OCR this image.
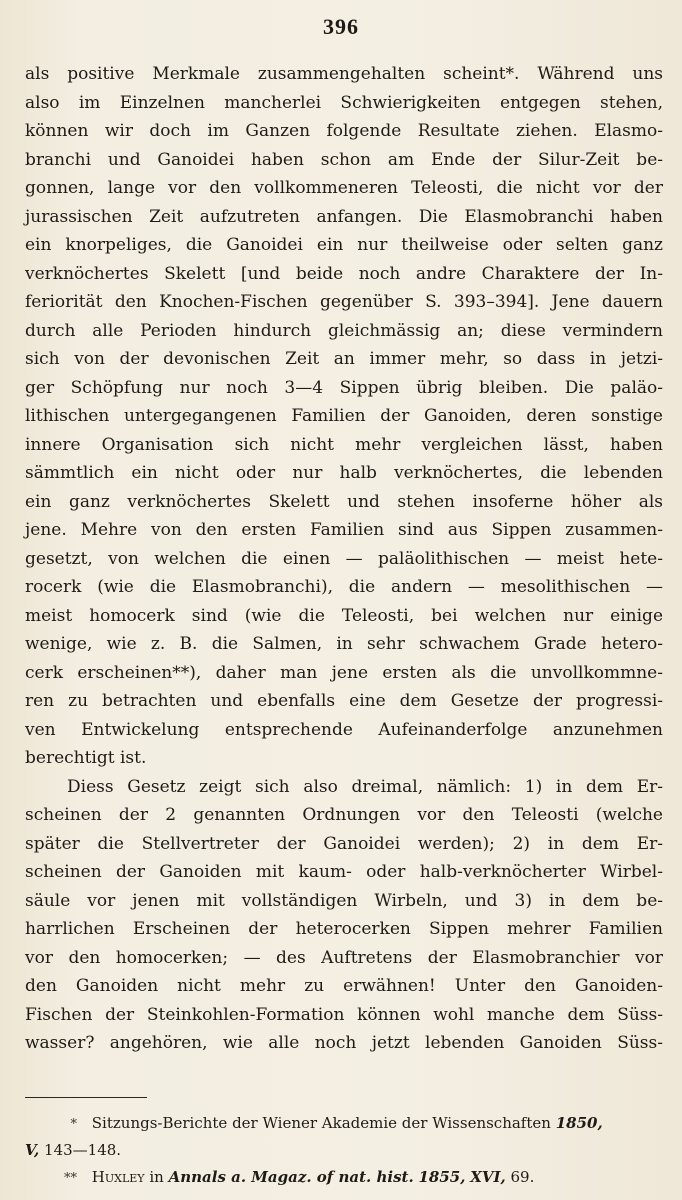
396
als positive Merkmale zusammengehalten scheint*. Während uns
also im Einzelnen mancherlei Schwierigkeiten entgegen stehen,
können wir doch im Ganzen folgende Resultate ziehen. Elasmo-
branchi und Ganoidei haben schon am Ende der Silur-Zeit be-
gonnen, lange vor den vollkommeneren Teleosti, die nicht vor der
jurassischen Zeit aufzutreten anfangen. Die Elasmobranchi haben
ein knorpeliges, die Ganoidei ein nur theilweise oder selten ganz
verknöchertes Skelett [und beide noch andre Charaktere der In-
feriorität den Knochen-Fischen gegenüber S. 393–394]. Jene dauern
durch alle Perioden hindurch gleichmässig an; diese vermindern
sich von der devonischen Zeit an immer mehr, so dass in jetzi-
ger Schöpfung nur noch 3—4 Sippen übrig bleiben. Die paläo-
lithischen untergegangenen Familien der Ganoiden, deren sonstige
innere Organisation sich nicht mehr vergleichen lässt, haben
sämmtlich ein nicht oder nur halb verknöchertes, die lebenden
ein ganz verknöchertes Skelett und stehen insoferne höher als
jene. Mehre von den ersten Familien sind aus Sippen zusammen-
gesetzt, von welchen die einen — paläolithischen — meist hete-
rocerk (wie die Elasmobranchi), die andern — mesolithischen —
meist homocerk sind (wie die Teleosti, bei welchen nur einige
wenige, wie z. B. die Salmen, in sehr schwachem Grade hetero-
cerk erscheinen**), daher man jene ersten als die unvollkommne-
ren zu betrachten und ebenfalls eine dem Gesetze der progressi-
ven Entwickelung entsprechende Aufeinanderfolge anzunehmen
berechtigt ist.
Diess Gesetz zeigt sich also dreimal, nämlich: 1) in dem Er-
scheinen der 2 genannten Ordnungen vor den Teleosti (welche
später die Stellvertreter der Ganoidei werden); 2) in dem Er-
scheinen der Ganoiden mit kaum- oder halb-verknöcherter Wirbel-
säule vor jenen mit vollständigen Wirbeln, und 3) in dem be-
harrlichen Erscheinen der heterocerken Sippen mehrer Familien
vor den homocerken; — des Auftretens der Elasmobranchier vor
den Ganoiden nicht mehr zu erwähnen! Unter den Ganoiden-
Fischen der Steinkohlen-Formation können wohl manche dem Süss-
wasser? angehören, wie alle noch jetzt lebenden Ganoiden Süss-
* Sitzungs-Berichte der Wiener Akademie der Wissenschaften 1850,
V, 143—148.
** Huxley in Annals a. Magaz. of nat. hist. 1855, XVI, 69.
